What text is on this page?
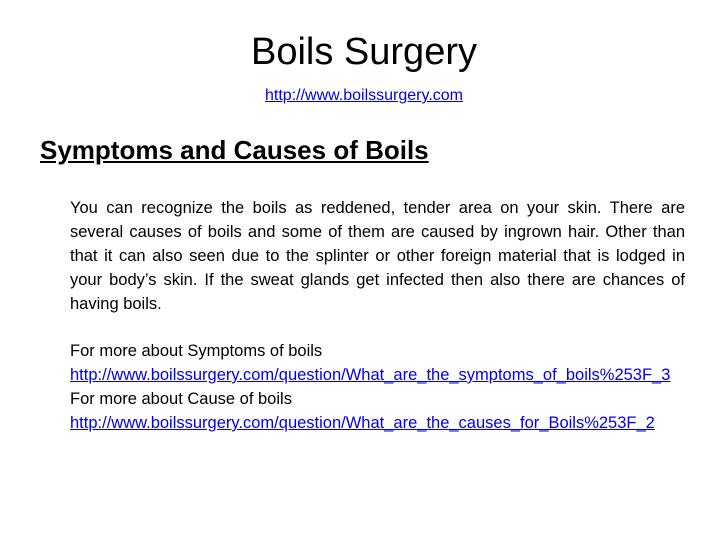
Boils Surgery
http://www.boilssurgery.com
Symptoms and Causes of Boils

You can recognize the boils as reddened, tender area on your skin. There are several causes of boils and some of them are caused by ingrown hair. Other than that it can also seen due to the splinter or other foreign material that is lodged in your body’s skin. If the sweat glands get infected then also there are chances of having boils.

For more about Symptoms of boils

http://www.boilssurgery.com/question/What_are_the_symptoms_of_boils%253F_3

For more about Cause of boils

http://www.boilssurgery.com/question/What_are_the_causes_for_Boils%253F_2
